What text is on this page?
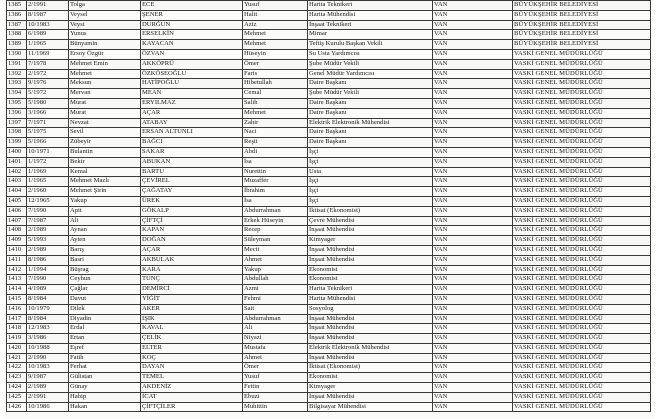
1385	2/1991	Tolga	ECE	Yusuf	Harita Teknikeri	VAN	BÜYÜKŞEHİR BELEDİYESİ
1386	8/1987	Veysel	ŞENER	Halit	Harita Mühendisi	VAN	BÜYÜKŞEHİR BELEDİYESİ
1387	10/1983	Veysi	DURĞUN	Aziz	İnşaat Teknikeri	VAN	BÜYÜKŞEHİR BELEDİYESİ
1388	6/1989	Yunus	ERSELKİN	Mehmet	Mimar	VAN	BÜYÜKŞEHİR BELEDİYESİ
1389	1/1965	Bünyamin	KAYACAN	Mehmet	Teftiş Kurulu Başkan Vekili	VAN	BÜYÜKŞEHİR BELEDİYESİ
1390	11/1969	Ersoy Özgür	ÖZVAN	Hüseyin	Su Usta Yardımcısı	VAN	VASKİ GENEL MÜDÜRLÜĞÜ
1391	7/1978	Mehmet Emin	AKKÖPRÜ	Ömer	Şube Müdür Vekili	VAN	VASKİ GENEL MÜDÜRLÜĞÜ
1392	2/1972	Mehmet	ÖZKÖSEOĞLU	Faris	Genel Müdür Yardımcısı	VAN	VASKİ GENEL MÜDÜRLÜĞÜ
1393	9/1976	Meksun	HATİPOĞLU	Hibetullah	Daire Başkanı	VAN	VASKİ GENEL MÜDÜRLÜĞÜ
1394	5/1972	Mervan	MEAN	Cemal	Şube Müdür Vekili	VAN	VASKİ GENEL MÜDÜRLÜĞÜ
1395	5/1980	Murat	ERYILMAZ	Salih	Daire Başkanı	VAN	VASKİ GENEL MÜDÜRLÜĞÜ
1396	3/1966	Murat	AÇAR	Mehmet	Daire Başkanı	VAN	VASKİ GENEL MÜDÜRLÜĞÜ
1397	7/1971	Nevzat	ATABAY	Zahir	Elektrik Elektronik Mühendisi	VAN	VASKİ GENEL MÜDÜRLÜĞÜ
1398	5/1975	Sevil	ERSAN ALTUNLI	Naci	Daire Başkanı	VAN	VASKİ GENEL MÜDÜRLÜĞÜ
1399	5/1966	Zübeyir	BAĞCI	Reşit	Daire Başkanı	VAN	VASKİ GENEL MÜDÜRLÜĞÜ
1400	10/1971	Bulantin	SAKAR	Abdi	İşçi	VAN	VASKİ GENEL MÜDÜRLÜĞÜ
1401	1/1972	Bekir	ABUKAN	İsa	İşçi	VAN	VASKİ GENEL MÜDÜRLÜĞÜ
1402	1/1969	Kemal	BARTU	Nurettin	Usta	VAN	VASKİ GENEL MÜDÜRLÜĞÜ
1403	1/1965	Mehmet Mazlı	ÇEVİREL	Muzaffer	İşçi	VAN	VASKİ GENEL MÜDÜRLÜĞÜ
1404	2/1960	Mehmet Şirin	ÇAĞATAY	İbrahim	İşçi	VAN	VASKİ GENEL MÜDÜRLÜĞÜ
1405	12/1965	Yakup	ÜREK	İsa	İşçi	VAN	VASKİ GENEL MÜDÜRLÜĞÜ
1406	7/1990	Apit	GÖKALP	Abdurrahman	İktisat (Ekonomist)	VAN	VASKİ GENEL MÜDÜRLÜĞÜ
1407	7/1987	Ali	ÇİFTÇİ	Erkek Hüseyin	Çevre Mühendisi	VAN	VASKİ GENEL MÜDÜRLÜĞÜ
1408	2/1989	Aynan	KAPAN	Recep	İnşaat Mühendisi	VAN	VASKİ GENEL MÜDÜRLÜĞÜ
1409	5/1993	Ayten	DOĞAN	Süleyman	Kimyager	VAN	VASKİ GENEL MÜDÜRLÜĞÜ
1410	2/1989	Barış	AÇAR	Mecit	İnşaat Mühendisi	VAN	VASKİ GENEL MÜDÜRLÜĞÜ
1411	8/1986	Basri	AKBULAK	Ahmet	İnşaat Mühendisi	VAN	VASKİ GENEL MÜDÜRLÜĞÜ
1412	1/1994	Büşrag	KARA	Yakup	Ekonomist	VAN	VASKİ GENEL MÜDÜRLÜĞÜ
1413	7/1990	Ceyhun	TUNÇ	Abdullah	Ekonomist	VAN	VASKİ GENEL MÜDÜRLÜĞÜ
1414	4/1989	Çağlar	DEMİRCİ	Azmi	Harita Teknikeri	VAN	VASKİ GENEL MÜDÜRLÜĞÜ
1415	8/1984	Davut	YİĞİT	Fehmi	Harita Mühendisi	VAN	VASKİ GENEL MÜDÜRLÜĞÜ
1416	10/1979	Dilek	AKER	Sait	Sosyolog	VAN	VASKİ GENEL MÜDÜRLÜĞÜ
1417	8/1984	Diyadin	IŞIK	Abdurrahman	İnşaat Mühendisi	VAN	VASKİ GENEL MÜDÜRLÜĞÜ
1418	12/1983	Erdal	KAVAL	Ali	İnşaat Mühendisi	VAN	VASKİ GENEL MÜDÜRLÜĞÜ
1419	3/1986	Ertan	ÇELİK	Niyazi	İnşaat Mühendisi	VAN	VASKİ GENEL MÜDÜRLÜĞÜ
1420	10/1988	Eşref	ELTER	Mustafa	Elektrik Elektronik Mühendisi	VAN	VASKİ GENEL MÜDÜRLÜĞÜ
1421	2/1990	Fatih	KOÇ	Ahmet	İnşaat Mühendisi	VAN	VASKİ GENEL MÜDÜRLÜĞÜ
1422	10/1983	Ferhat	DAYAN	Ömer	İktisat (Ekonomist)	VAN	VASKİ GENEL MÜDÜRLÜĞÜ
1423	9/1987	Gülistan	TEMEL	Yusuf	Ekonomist	VAN	VASKİ GENEL MÜDÜRLÜĞÜ
1424	2/1989	Günay	AKDENİZ	Fettin	Kimyager	VAN	VASKİ GENEL MÜDÜRLÜĞÜ
1425	2/1991	Habip	İCAT	Ebuzi	İnşaat Mühendisi	VAN	VASKİ GENEL MÜDÜRLÜĞÜ
1426	10/1986	Hakan	ÇİFTÇİLER	Muhittin	Bilgisayar Mühendisi	VAN	VASKİ GENEL MÜDÜRLÜĞÜ
